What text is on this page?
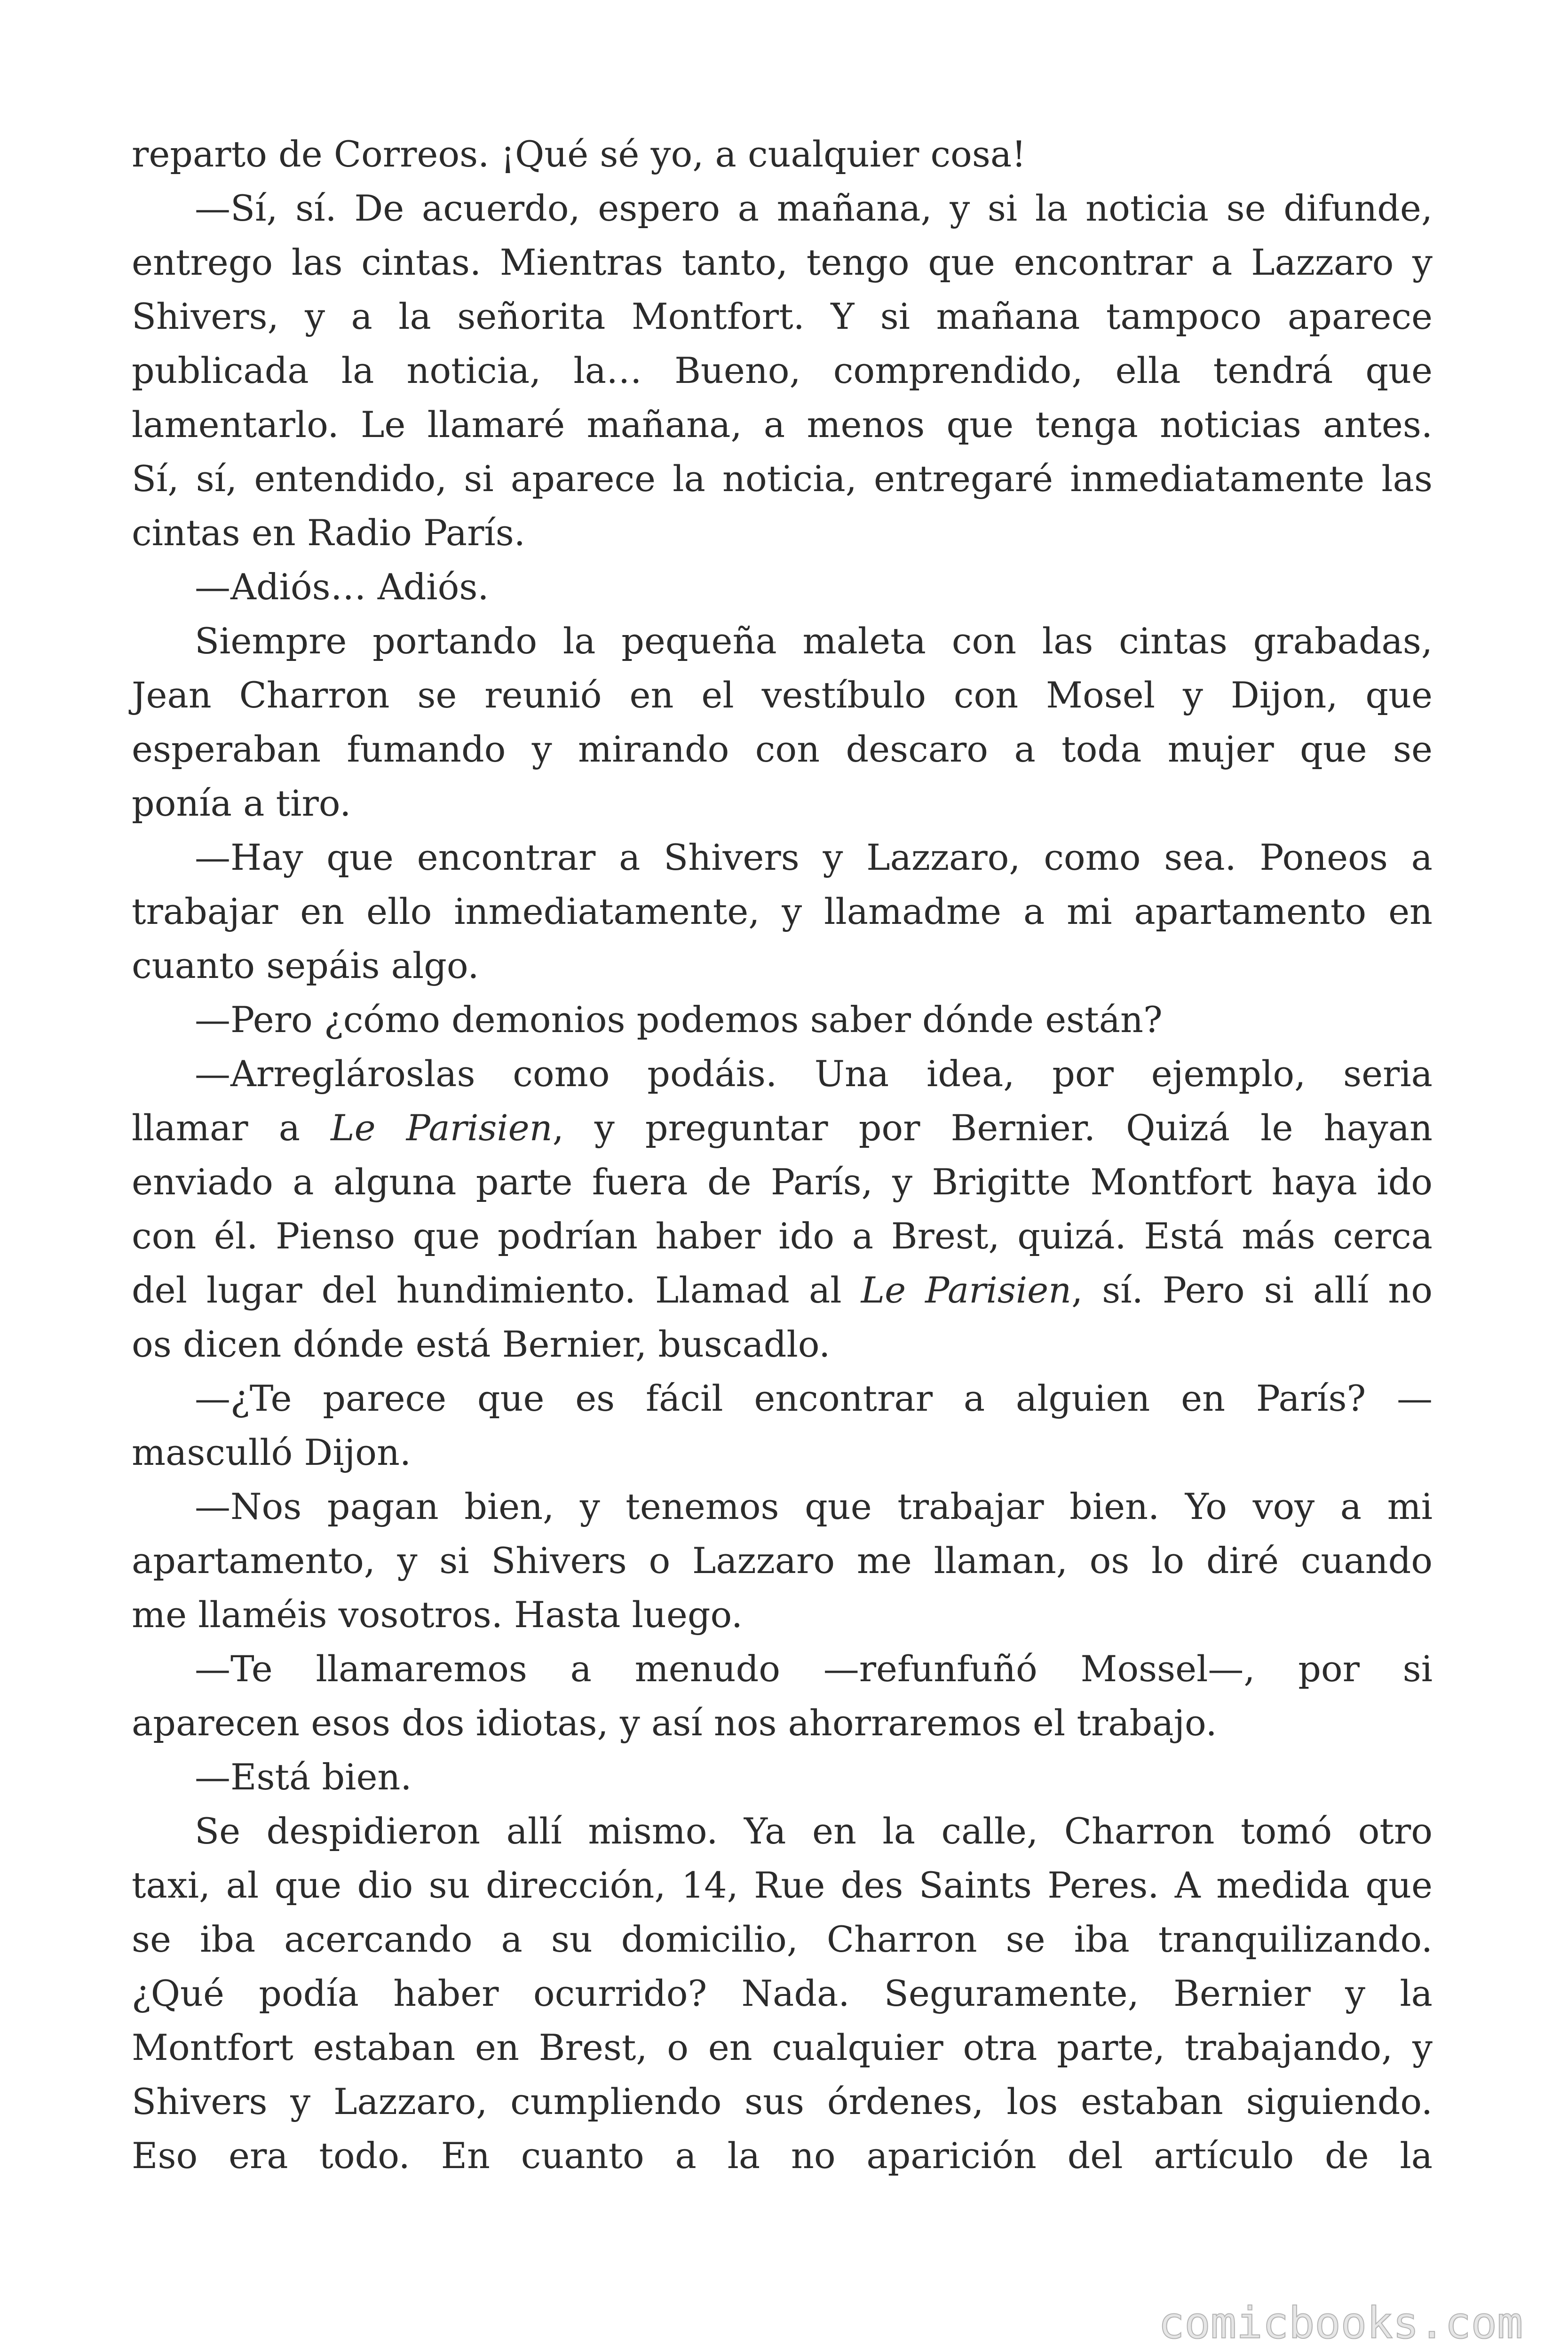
reparto de Correos. ¡Qué sé yo, a cualquier cosa!
—Sí, sí. De acuerdo, espero a mañana, y si la noticia se difunde,
entrego las cintas. Mientras tanto, tengo que encontrar a Lazzaro y
Shivers, y a la señorita Montfort. Y si mañana tampoco aparece
publicada la noticia, la… Bueno, comprendido, ella tendrá que
lamentarlo. Le llamaré mañana, a menos que tenga noticias antes.
Sí, sí, entendido, si aparece la noticia, entregaré inmediatamente las
cintas en Radio París.
—Adiós… Adiós.
Siempre portando la pequeña maleta con las cintas grabadas,
Jean Charron se reunió en el vestíbulo con Mosel y Dijon, que
esperaban fumando y mirando con descaro a toda mujer que se
ponía a tiro.
—Hay que encontrar a Shivers y Lazzaro, como sea. Poneos a
trabajar en ello inmediatamente, y llamadme a mi apartamento en
cuanto sepáis algo.
—Pero ¿cómo demonios podemos saber dónde están?
—Arreglároslas como podáis. Una idea, por ejemplo, seria
llamar a Le Parisien, y preguntar por Bernier. Quizá le hayan
enviado a alguna parte fuera de París, y Brigitte Montfort haya ido
con él. Pienso que podrían haber ido a Brest, quizá. Está más cerca
del lugar del hundimiento. Llamad al Le Parisien, sí. Pero si allí no
os dicen dónde está Bernier, buscadlo.
—¿Te parece que es fácil encontrar a alguien en París? —
masculló Dijon.
—Nos pagan bien, y tenemos que trabajar bien. Yo voy a mi
apartamento, y si Shivers o Lazzaro me llaman, os lo diré cuando
me llaméis vosotros. Hasta luego.
—Te llamaremos a menudo —refunfuñó Mossel—, por si
aparecen esos dos idiotas, y así nos ahorraremos el trabajo.
—Está bien.
Se despidieron allí mismo. Ya en la calle, Charron tomó otro
taxi, al que dio su dirección, 14, Rue des Saints Peres. A medida que
se iba acercando a su domicilio, Charron se iba tranquilizando.
¿Qué podía haber ocurrido? Nada. Seguramente, Bernier y la
Montfort estaban en Brest, o en cualquier otra parte, trabajando, y
Shivers y Lazzaro, cumpliendo sus órdenes, los estaban siguiendo.
Eso era todo. En cuanto a la no aparición del artículo de la
comicbooks.com
